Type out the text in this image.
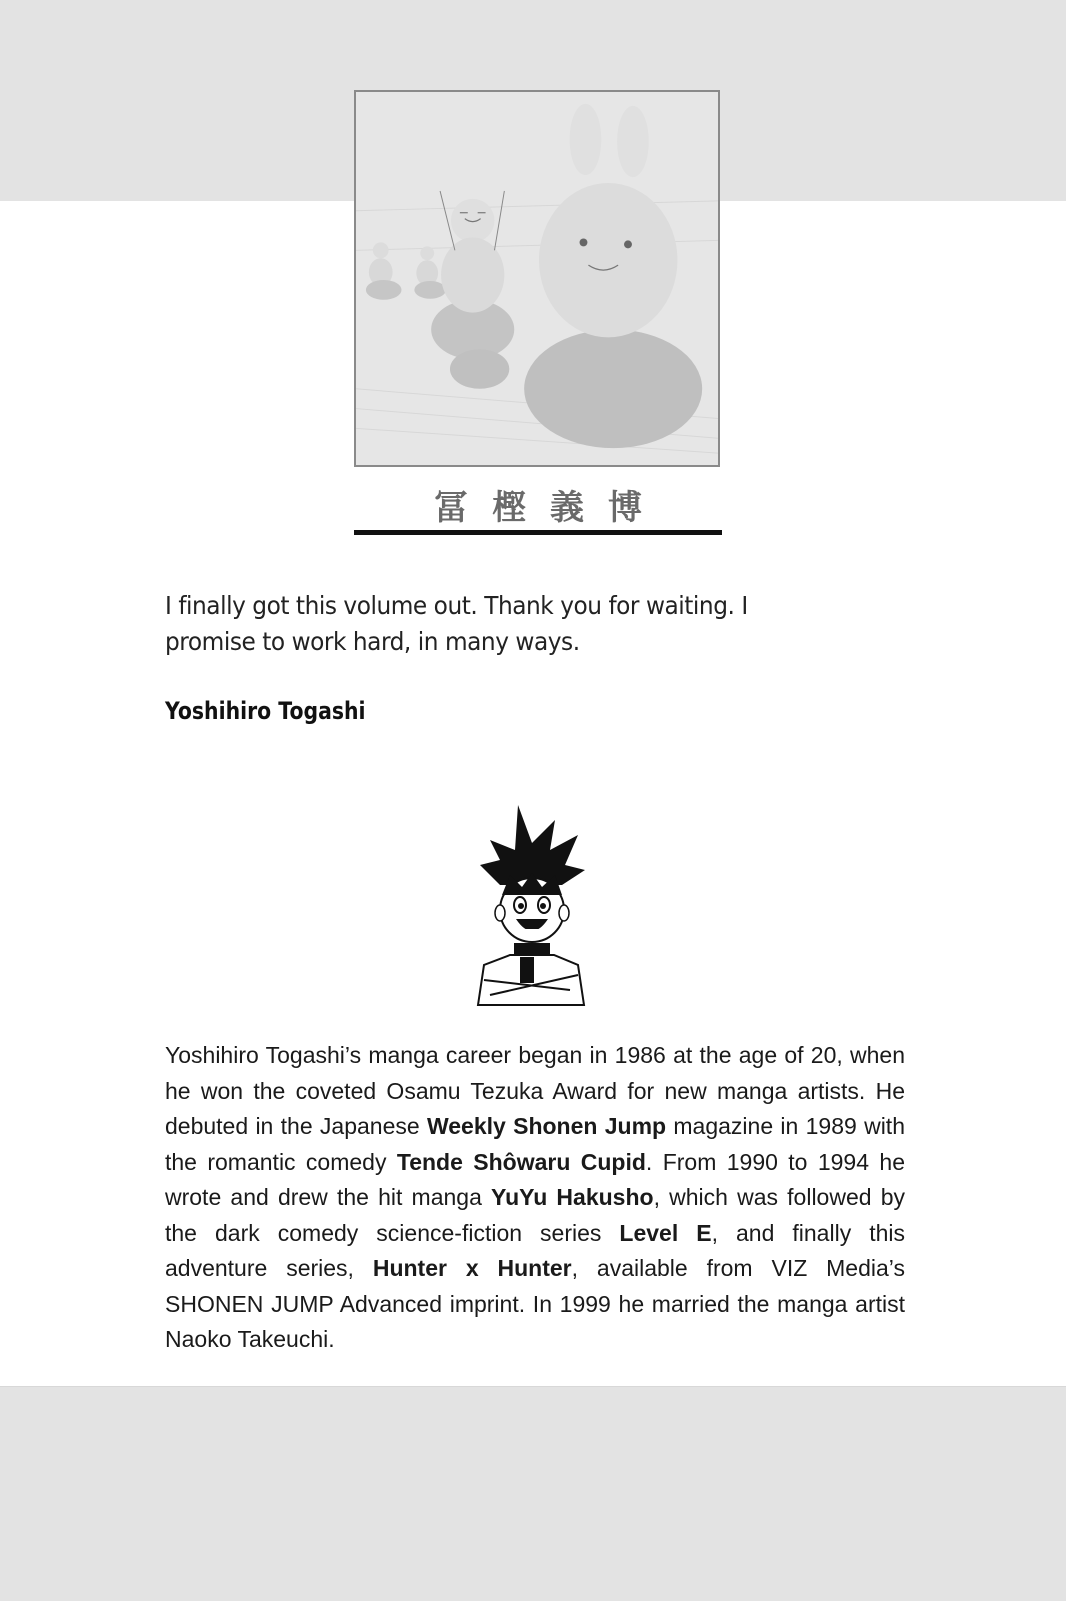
冨樫義博
I finally got this volume out. Thank you for waiting. I promise to work hard, in many ways.
Yoshihiro Togashi
Yoshihiro Togashi’s manga career began in 1986 at the age of 20, when he won the coveted Osamu Tezuka Award for new manga artists. He debuted in the Japanese Weekly Shonen Jump magazine in 1989 with the romantic comedy Tende Shôwaru Cupid. From 1990 to 1994 he wrote and drew the hit manga YuYu Hakusho, which was followed by the dark comedy science-fiction series Level E, and finally this adventure series, Hunter x Hunter, available from VIZ Media’s SHONEN JUMP Advanced imprint. In 1999 he married the manga artist Naoko Takeuchi.
